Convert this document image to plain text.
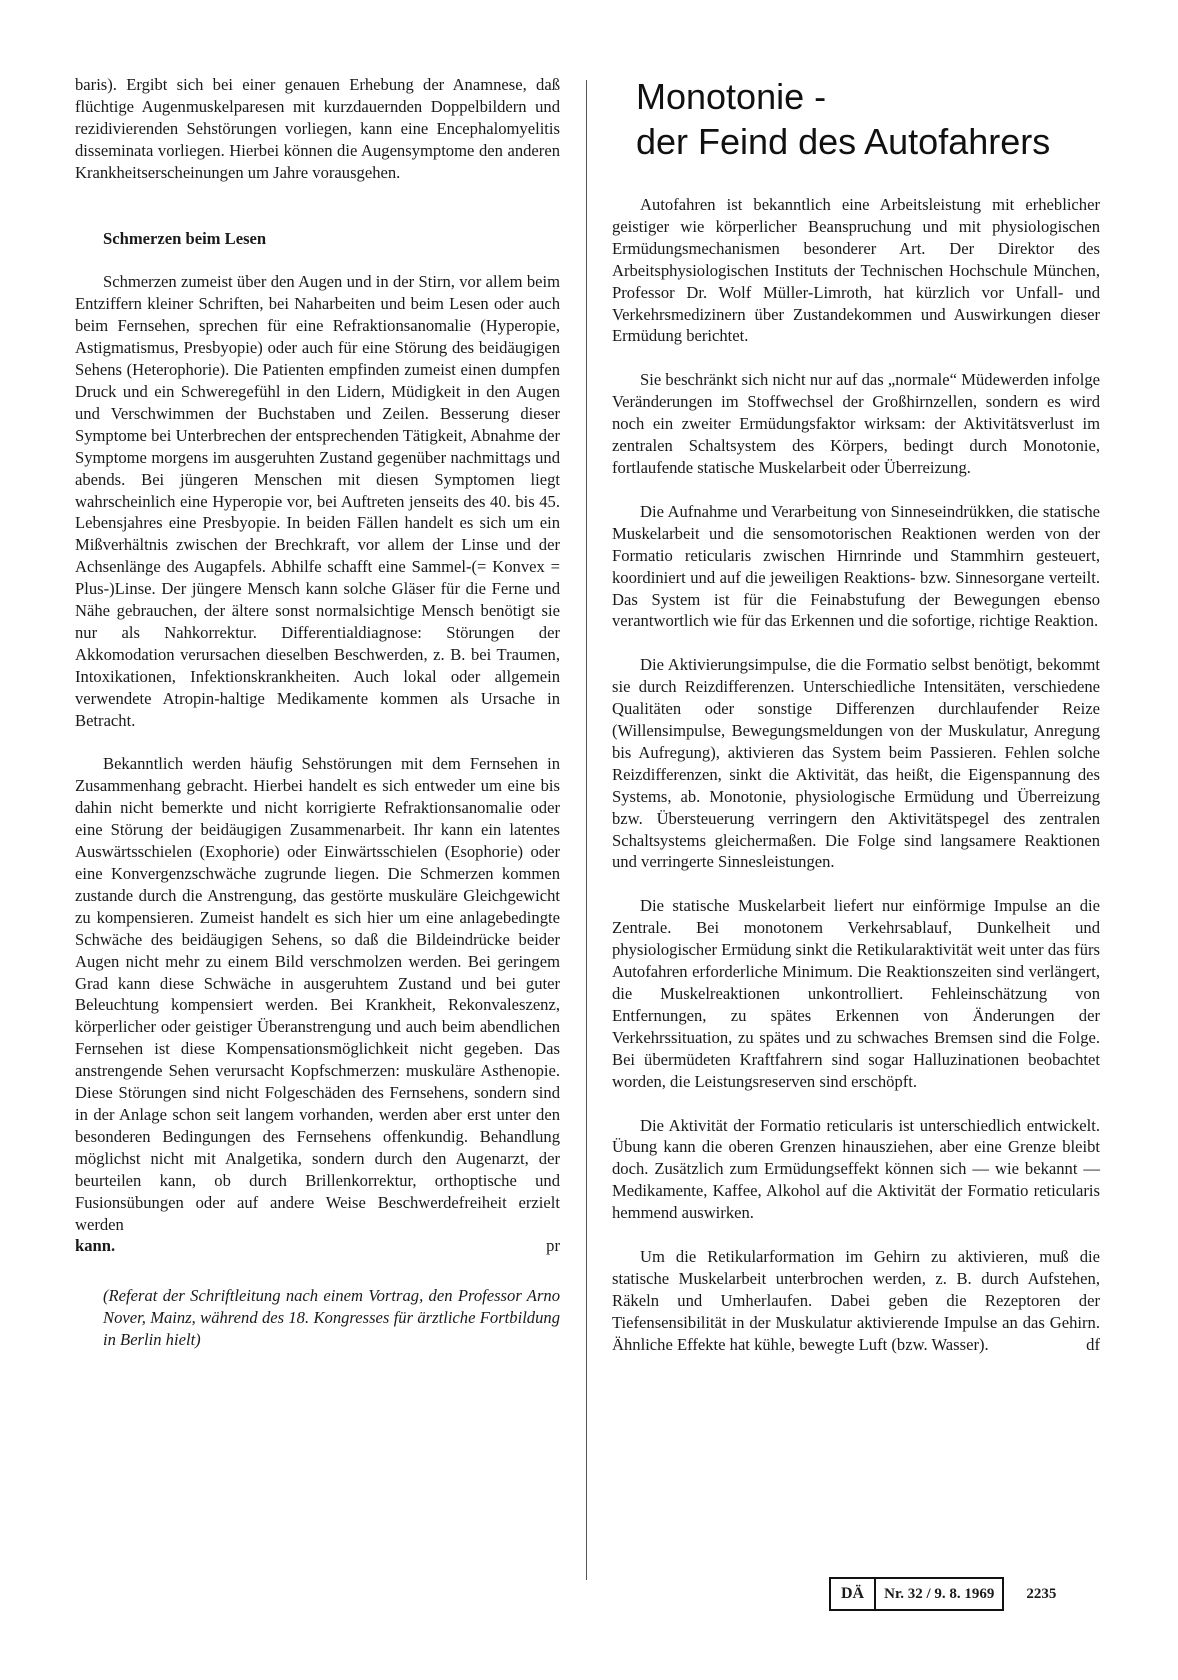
baris). Ergibt sich bei einer genauen Erhebung der Anamnese, daß flüchtige Augenmuskelparesen mit kurzdauernden Doppelbildern und rezidivierenden Sehstörungen vorliegen, kann eine Encephalomyelitis disseminata vorliegen. Hierbei können die Augensymptome den anderen Krankheitserscheinungen um Jahre vorausgehen.

Schmerzen beim Lesen

Schmerzen zumeist über den Augen und in der Stirn, vor allem beim Entziffern kleiner Schriften, bei Naharbeiten und beim Lesen oder auch beim Fernsehen, sprechen für eine Refraktionsanomalie (Hyperopie, Astigmatismus, Presbyopie) oder auch für eine Störung des beidäugigen Sehens (Heterophorie). Die Patienten empfinden zumeist einen dumpfen Druck und ein Schweregefühl in den Lidern, Müdigkeit in den Augen und Verschwimmen der Buchstaben und Zeilen. Besserung dieser Symptome bei Unterbrechen der entsprechenden Tätigkeit, Abnahme der Symptome morgens im ausgeruhten Zustand gegenüber nachmittags und abends. Bei jüngeren Menschen mit diesen Symptomen liegt wahrscheinlich eine Hyperopie vor, bei Auftreten jenseits des 40. bis 45. Lebensjahres eine Presbyopie. In beiden Fällen handelt es sich um ein Mißverhältnis zwischen der Brechkraft, vor allem der Linse und der Achsenlänge des Augapfels. Abhilfe schafft eine Sammel-(= Konvex = Plus-)Linse. Der jüngere Mensch kann solche Gläser für die Ferne und Nähe gebrauchen, der ältere sonst normalsichtige Mensch benötigt sie nur als Nahkorrektur. Differentialdiagnose: Störungen der Akkomodation verursachen dieselben Beschwerden, z. B. bei Traumen, Intoxikationen, Infektionskrankheiten. Auch lokal oder allgemein verwendete Atropin-haltige Medikamente kommen als Ursache in Betracht.

Bekanntlich werden häufig Sehstörungen mit dem Fernsehen in Zusammenhang gebracht. Hierbei handelt es sich entweder um eine bis dahin nicht bemerkte und nicht korrigierte Refraktionsanomalie oder eine Störung der beidäugigen Zusammenarbeit. Ihr kann ein latentes Auswärtsschielen (Exophorie) oder Einwärtsschielen (Esophorie) oder eine Konvergenzschwäche zugrunde liegen. Die Schmerzen kommen zustande durch die Anstrengung, das gestörte muskuläre Gleichgewicht zu kompensieren. Zumeist handelt es sich hier um eine anlagebedingte Schwäche des beidäugigen Sehens, so daß die Bildeindrücke beider Augen nicht mehr zu einem Bild verschmolzen werden. Bei geringem Grad kann diese Schwäche in ausgeruhtem Zustand und bei guter Beleuchtung kompensiert werden. Bei Krankheit, Rekonvaleszenz, körperlicher oder geistiger Überanstrengung und auch beim abendlichen Fernsehen ist diese Kompensationsmöglichkeit nicht gegeben. Das anstrengende Sehen verursacht Kopfschmerzen: muskuläre Asthenopie. Diese Störungen sind nicht Folgeschäden des Fernsehens, sondern sind in der Anlage schon seit langem vorhanden, werden aber erst unter den besonderen Bedingungen des Fernsehens offenkundig. Behandlung möglichst nicht mit Analgetika, sondern durch den Augenarzt, der beurteilen kann, ob durch Brillenkorrektur, orthoptische und Fusionsübungen oder auf andere Weise Beschwerdefreiheit erzielt werden

kann.	pr
(Referat der Schriftleitung nach einem Vortrag, den Professor Arno Nover, Mainz, während des 18. Kongresses für ärztliche Fortbildung in Berlin hielt)
Monotonie -
der Feind des Autofahrers

Autofahren ist bekanntlich eine Arbeitsleistung mit erheblicher geistiger wie körperlicher Beanspruchung und mit physiologischen Ermüdungsmechanismen besonderer Art. Der Direktor des Arbeitsphysiologischen Instituts der Technischen Hochschule München, Professor Dr. Wolf Müller-Limroth, hat kürzlich vor Unfall- und Verkehrsmedizinern über Zustandekommen und Auswirkungen dieser Ermüdung berichtet.

Sie beschränkt sich nicht nur auf das „normale“ Müdewerden infolge Veränderungen im Stoffwechsel der Großhirnzellen, sondern es wird noch ein zweiter Ermüdungsfaktor wirksam: der Aktivitätsverlust im zentralen Schaltsystem des Körpers, bedingt durch Monotonie, fortlaufende statische Muskelarbeit oder Überreizung.

Die Aufnahme und Verarbeitung von Sinneseindrükken, die statische Muskelarbeit und die sensomotorischen Reaktionen werden von der Formatio reticularis zwischen Hirnrinde und Stammhirn gesteuert, koordiniert und auf die jeweiligen Reaktions- bzw. Sinnesorgane verteilt. Das System ist für die Feinabstufung der Bewegungen ebenso verantwortlich wie für das Erkennen und die sofortige, richtige Reaktion.

Die Aktivierungsimpulse, die die Formatio selbst benötigt, bekommt sie durch Reizdifferenzen. Unterschiedliche Intensitäten, verschiedene Qualitäten oder sonstige Differenzen durchlaufender Reize (Willensimpulse, Bewegungsmeldungen von der Muskulatur, Anregung bis Aufregung), aktivieren das System beim Passieren. Fehlen solche Reizdifferenzen, sinkt die Aktivität, das heißt, die Eigenspannung des Systems, ab. Monotonie, physiologische Ermüdung und Überreizung bzw. Übersteuerung verringern den Aktivitätspegel des zentralen Schaltsystems gleichermaßen. Die Folge sind langsamere Reaktionen und verringerte Sinnesleistungen.

Die statische Muskelarbeit liefert nur einförmige Impulse an die Zentrale. Bei monotonem Verkehrsablauf, Dunkelheit und physiologischer Ermüdung sinkt die Retikularaktivität weit unter das fürs Autofahren erforderliche Minimum. Die Reaktionszeiten sind verlängert, die Muskelreaktionen unkontrolliert. Fehleinschätzung von Entfernungen, zu spätes Erkennen von Änderungen der Verkehrssituation, zu spätes und zu schwaches Bremsen sind die Folge. Bei übermüdeten Kraftfahrern sind sogar Halluzinationen beobachtet worden, die Leistungsreserven sind erschöpft.

Die Aktivität der Formatio reticularis ist unterschiedlich entwickelt. Übung kann die oberen Grenzen hinausziehen, aber eine Grenze bleibt doch. Zusätzlich zum Ermüdungseffekt können sich — wie bekannt — Medikamente, Kaffee, Alkohol auf die Aktivität der Formatio reticularis hemmend auswirken.

Um die Retikularformation im Gehirn zu aktivieren, muß die statische Muskelarbeit unterbrochen werden, z. B. durch Aufstehen, Räkeln und Umherlaufen. Dabei geben die Rezeptoren der Tiefensensibilität in der Muskulatur aktivierende Impulse an das Gehirn. Ähnliche Effekte hat kühle, bewegte Luft (bzw. Wasser).	df

DÄ	Nr. 32 / 9. 8. 1969	2235
